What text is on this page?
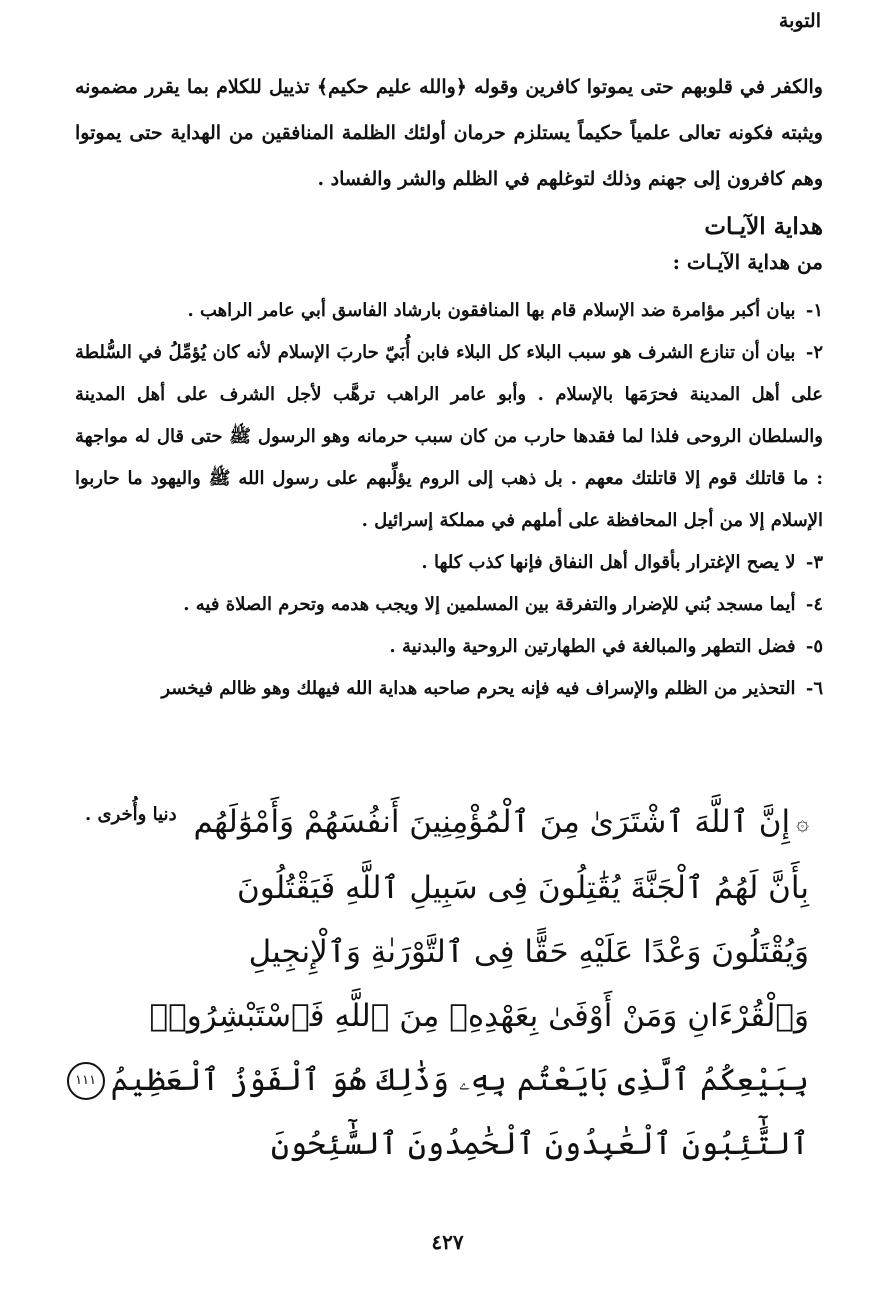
التوبة

والكفر في قلوبهم حتى يموتوا كافرين وقوله ﴿والله عليم حكيم﴾ تذييل للكلام بما يقرر مضمونه ويثبته فكونه تعالى علمياً حكيماً يستلزم حرمان أولئك الظلمة المنافقين من الهداية حتى يموتوا وهم كافرون إلى جهنم وذلك لتوغلهم في الظلم والشر والفساد .

هداية الآيـات
من هداية الآيـات :

١- بيان أكبر مؤامرة ضد الإسلام قام بها المنافقون بارشاد الفاسق أبي عامر الراهب .

٢- بيان أن تنازع الشرف هو سبب البلاء كل البلاء فابن أُبَيّ حاربَ الإسلام لأنه كان يُؤمِّلُ في السُّلطة على أهل المدينة فحرَمَها بالإسلام . وأبو عامر الراهب ترهَّب لأجل الشرف على أهل المدينة والسلطان الروحى فلذا لما فقدها حارب من كان سبب حرمانه وهو الرسول ﷺ حتى قال له مواجهة : ما قاتلك قوم إلا قاتلتك معهم . بل ذهب إلى الروم يؤلِّبهم على رسول الله ﷺ واليهود ما حاربوا الإسلام إلا من أجل المحافظة على أملهم في مملكة إسرائيل .

٣- لا يصح الإغترار بأقوال أهل النفاق فإنها كذب كلها .

٤- أيما مسجد بُني للإضرار والتفرقة بين المسلمين إلا ويجب هدمه وتحرم الصلاة فيه .

٥- فضل التطهر والمبالغة في الطهارتين الروحية والبدنية .

٦- التحذير من الظلم والإسراف فيه فإنه يحرم صاحبه هداية الله فيهلك وهو ظالم فيخسر

دنيا وأُخرى .	۞إِنَّ ٱللَّهَ ٱشْتَرَىٰ مِنَ ٱلْمُؤْمِنِينَ أَنفُسَهُمْ وَأَمْوَٰلَهُم
بِأَنَّ لَهُمُ ٱلْجَنَّةَ يُقَٰتِلُونَ فِى سَبِيلِ ٱللَّهِ فَيَقْتُلُونَ
وَيُقْتَلُونَ وَعْدًا عَلَيْهِ حَقًّا فِى ٱلتَّوْرَىٰةِ وَٱلْإِنجِيلِ
وَٱلْقُرْءَانِ وَمَنْ أَوْفَىٰ بِعَهْدِهِۦ مِنَ ٱللَّهِ فَٱسْتَبْشِرُوا۟
بِبَيْعِكُمُ ٱلَّذِى بَايَعْتُم بِهِۦ وَذَٰلِكَ هُوَ ٱلْفَوْزُ ٱلْعَظِيمُ١١١
ٱلتَّٰٓئِبُونَ ٱلْعَٰبِدُونَ ٱلْحَٰمِدُونَ ٱلسَّٰٓئِحُونَ
٤٢٧
